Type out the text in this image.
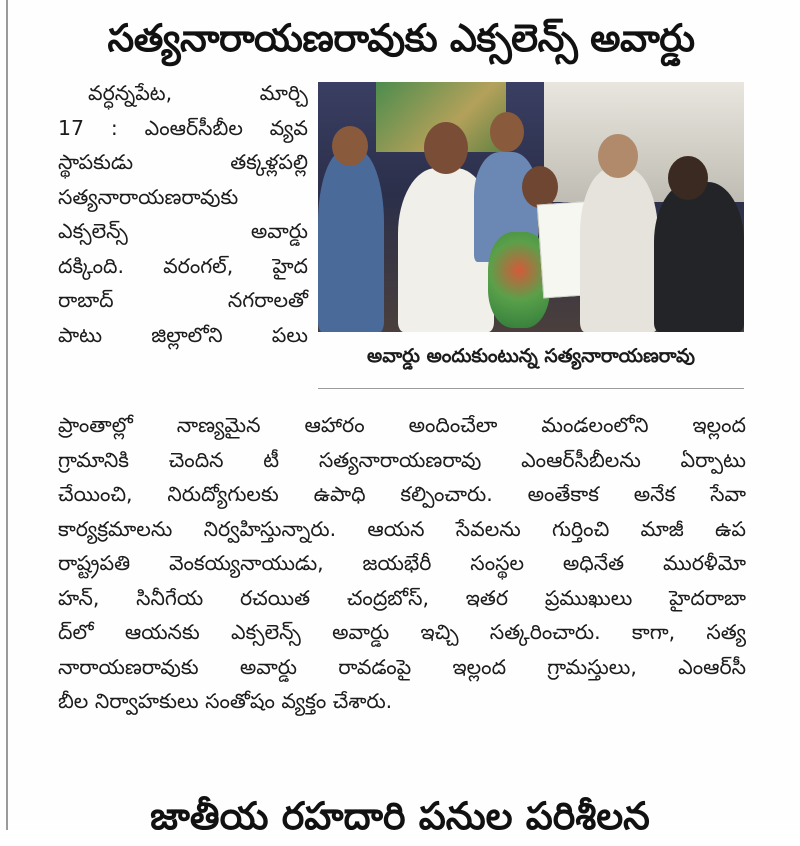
సత్యనారాయణరావుకు ఎక్సలెన్స్ అవార్డు
వర్ధన్నపేట, మార్చి
17 : ఎంఆర్‌సీబీల వ్యవ
స్థాపకుడు తక్కళ్లపల్లి
సత్యనారాయణరావుకు
ఎక్సలెన్స్ అవార్డు
దక్కింది. వరంగల్, హైద
రాబాద్ నగరాలతో
పాటు జిల్లాలోని పలు
అవార్డు అందుకుంటున్న సత్యనారాయణరావు
ప్రాంతాల్లో నాణ్యమైన ఆహారం అందించేలా మండలంలోని ఇల్లంద
గ్రామానికి చెందిన టీ సత్యనారాయణరావు ఎంఆర్‌సీబీలను ఏర్పాటు
చేయించి, నిరుద్యోగులకు ఉపాధి కల్పించారు. అంతేకాక అనేక సేవా
కార్యక్రమాలను నిర్వహిస్తున్నారు. ఆయన సేవలను గుర్తించి మాజీ ఉప
రాష్ట్రపతి వెంకయ్యనాయుడు, జయభేరీ సంస్థల అధినేత మురళీమో
హన్, సినీగేయ రచయిత చంద్రబోస్, ఇతర ప్రముఖులు హైదరాబా
ద్‌లో ఆయనకు ఎక్సలెన్స్ అవార్డు ఇచ్చి సత్కరించారు. కాగా, సత్య
నారాయణరావుకు అవార్డు రావడంపై ఇల్లంద గ్రామస్తులు, ఎంఆర్‌సీ
బీల నిర్వాహకులు సంతోషం వ్యక్తం చేశారు.
జాతీయ రహదారి పనుల పరిశీలన
